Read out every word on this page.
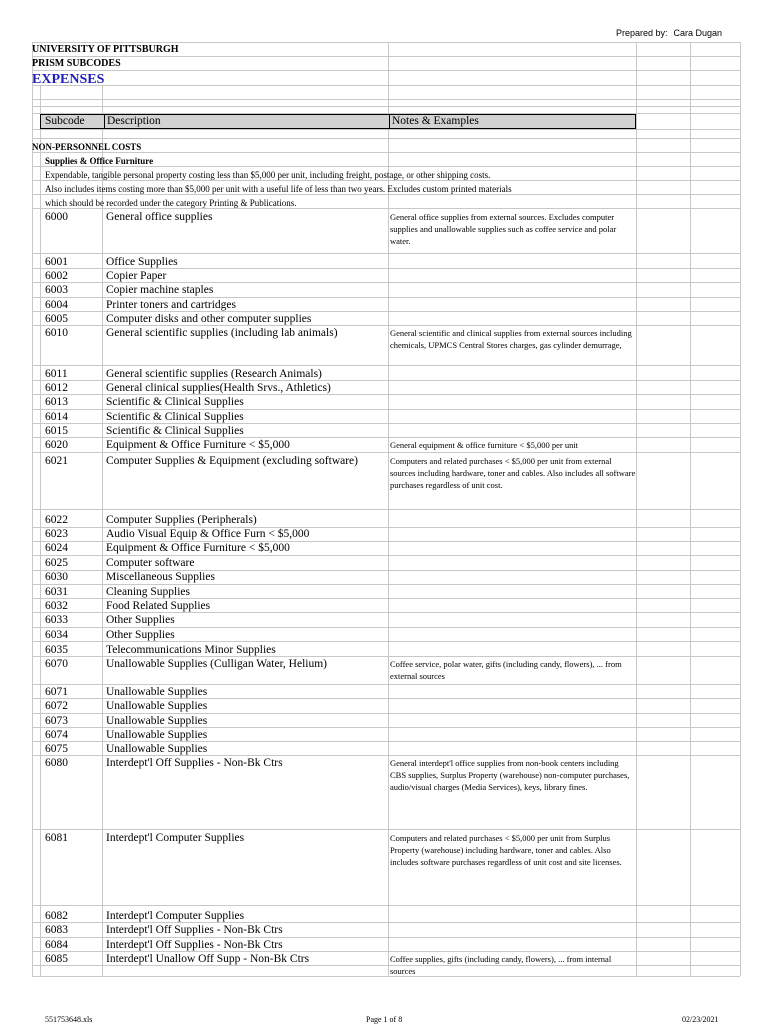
Prepared by: Cara Dugan
UNIVERSITY OF PITTSBURGH
PRISM SUBCODES
EXPENSES
Subcode Description	Notes & Examples
NON-PERSONNEL COSTS
Supplies & Office Furniture
Expendable, tangible personal property costing less than $5,000 per unit, including freight, postage, or other shipping costs.
Also includes items costing more than $5,000 per unit with a useful life of less than two years. Excludes custom printed materials
which should be recorded under the category Printing & Publications.
6000	General office supplies	General office supplies from external sources. Excludes computer supplies and unallowable supplies such as coffee service and polar water.
6001	Office Supplies
6002	Copier Paper
6003	Copier machine staples
6004	Printer toners and cartridges
6005	Computer disks and other computer supplies
6010	General scientific supplies (including lab animals)	General scientific and clinical supplies from external sources including chemicals, UPMCS Central Stores charges, gas cylinder demurrage,
6011	General scientific supplies (Research Animals)
6012	General clinical supplies(Health Srvs., Athletics)
6013	Scientific & Clinical Supplies
6014	Scientific & Clinical Supplies
6015	Scientific & Clinical Supplies
6020	Equipment & Office Furniture < $5,000	General equipment & office furniture < $5,000 per unit
6021	Computer Supplies & Equipment (excluding software)	Computers and related purchases < $5,000 per unit from external sources including hardware, toner and cables. Also includes all software purchases regardless of unit cost.
6022	Computer Supplies (Peripherals)
6023	Audio Visual Equip & Office Furn < $5,000
6024	Equipment & Office Furniture < $5,000
6025	Computer software
6030	Miscellaneous Supplies
6031	Cleaning Supplies
6032	Food Related Supplies
6033	Other Supplies
6034	Other Supplies
6035	Telecommunications Minor Supplies
6070	Unallowable Supplies (Culligan Water, Helium)	Coffee service, polar water, gifts (including candy, flowers), ... from external sources
6071	Unallowable Supplies
6072	Unallowable Supplies
6073	Unallowable Supplies
6074	Unallowable Supplies
6075	Unallowable Supplies
6080	Interdept'l Off Supplies - Non-Bk Ctrs	General interdept'l office supplies from non-book centers including CBS supplies, Surplus Property (warehouse) non-computer purchases, audio/visual charges (Media Services), keys, library fines.
6081	Interdept'l Computer Supplies	Computers and related purchases < $5,000 per unit from Surplus Property (warehouse) including hardware, toner and cables. Also includes software purchases regardless of unit cost and site licenses.
6082	Interdept'l Computer Supplies
6083	Interdept'l Off Supplies - Non-Bk Ctrs
6084	Interdept'l Off Supplies - Non-Bk Ctrs
6085	Interdept'l Unallow Off Supp - Non-Bk Ctrs	Coffee supplies, gifts (including candy, flowers), ... from internal sources
551753648.xls	Page 1 of 8	02/23/2021
